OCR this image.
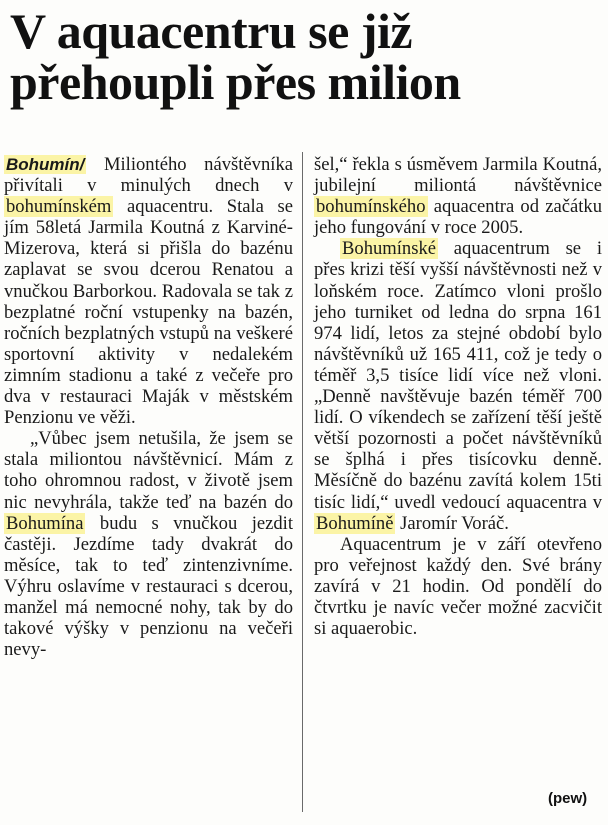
V aquacentru se již přehoupli přes milion

Bohumín/ Miliontého návštěvníka přivítali v minulých dnech v bohumínském aquacentru. Stala se jím 58letá Jarmila Koutná z Karviné-Mizerova, která si přišla do bazénu zaplavat se svou dcerou Renatou a vnučkou Barborkou. Radovala se tak z bezplatné roční vstupenky na bazén, ročních bezplatných vstupů na veškeré sportovní aktivity v nedalekém zimním stadionu a také z večeře pro dva v restauraci Maják v městském Penzionu ve věži.

„Vůbec jsem netušila, že jsem se stala miliontou návštěvnicí. Mám z toho ohromnou radost, v životě jsem nic nevyhrála, takže teď na bazén do Bohumína budu s vnučkou jezdit častěji. Jezdíme tady dvakrát do měsíce, tak to teď zintenzivníme. Výhru oslavíme v restauraci s dcerou, manžel má nemocné nohy, tak by do takové výšky v penzionu na večeři nevy-

šel,“ řekla s úsměvem Jarmila Koutná, jubilejní miliontá návštěvnice bohumínského aquacentra od začátku jeho fungování v roce 2005.

Bohumínské aquacentrum se i přes krizi těší vyšší návštěvnosti než v loňském roce. Zatímco vloni prošlo jeho turniket od ledna do srpna 161 974 lidí, letos za stejné období bylo návštěvníků už 165 411, což je tedy o téměř 3,5 tisíce lidí více než vloni. „Denně navštěvuje bazén téměř 700 lidí. O víkendech se zařízení těší ještě větší pozornosti a počet návštěvníků se šplhá i přes tisícovku denně. Měsíčně do bazénu zavítá kolem 15ti tisíc lidí,“ uvedl vedoucí aquacentra v Bohumíně Jaromír Voráč.

Aquacentrum je v září otevřeno pro veřejnost každý den. Své brány zavírá v 21 hodin. Od pondělí do čtvrtku je navíc večer možné zacvičit si aquaerobic.

(pew)
